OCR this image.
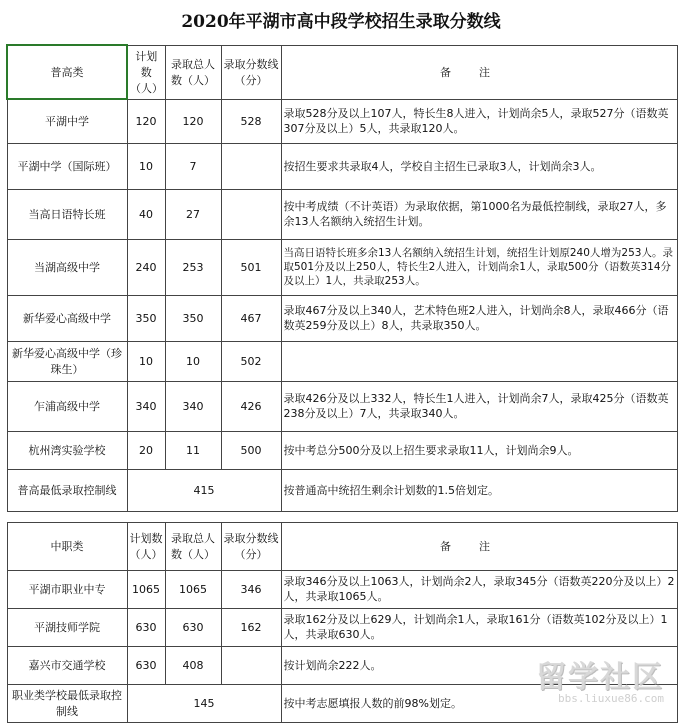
2020年平湖市高中段学校招生录取分数线
普高类	计划数（人）	录取总人数（人）	录取分数线（分）	备注
平湖中学	120	120	528	录取528分及以上107人，特长生8人进入，计划尚余5人，录取527分（语数英307分及以上）5人，共录取120人。
平湖中学（国际班）	10	7		按招生要求共录取4人，学校自主招生已录取3人，计划尚余3人。
当高日语特长班	40	27		按中考成绩（不计英语）为录取依据，第1000名为最低控制线，录取27人，多余13人名额纳入统招生计划。
当湖高级中学	240	253	501	当高日语特长班多余13人名额纳入统招生计划，统招生计划原240人增为253人。录取501分及以上250人，特长生2人进入，计划尚余1人，录取500分（语数英314分及以上）1人，共录取253人。
新华爱心高级中学	350	350	467	录取467分及以上340人，艺术特色班2人进入，计划尚余8人，录取466分（语数英259分及以上）8人，共录取350人。
新华爱心高级中学（珍珠生）	10	10	502	
乍浦高级中学	340	340	426	录取426分及以上332人，特长生1人进入，计划尚余7人，录取425分（语数英238分及以上）7人，共录取340人。
杭州湾实验学校	20	11	500	按中考总分500分及以上招生要求录取11人，计划尚余9人。
普高最低录取控制线	415			按普通高中统招生剩余计划数的1.5倍划定。

中职类	计划数（人）	录取总人数（人）	录取分数线（分）	备注
平湖市职业中专	1065	1065	346	录取346分及以上1063人，计划尚余2人，录取345分（语数英220分及以上）2人，共录取1065人。
平湖技师学院	630	630	162	录取162分及以上629人，计划尚余1人，录取161分（语数英102分及以上）1人，共录取630人。
嘉兴市交通学校	630	408		按计划尚余222人。
职业类学校最低录取控制线	145			按中考志愿填报人数的前98%划定。
留学社区
bbs.liuxue86.com
